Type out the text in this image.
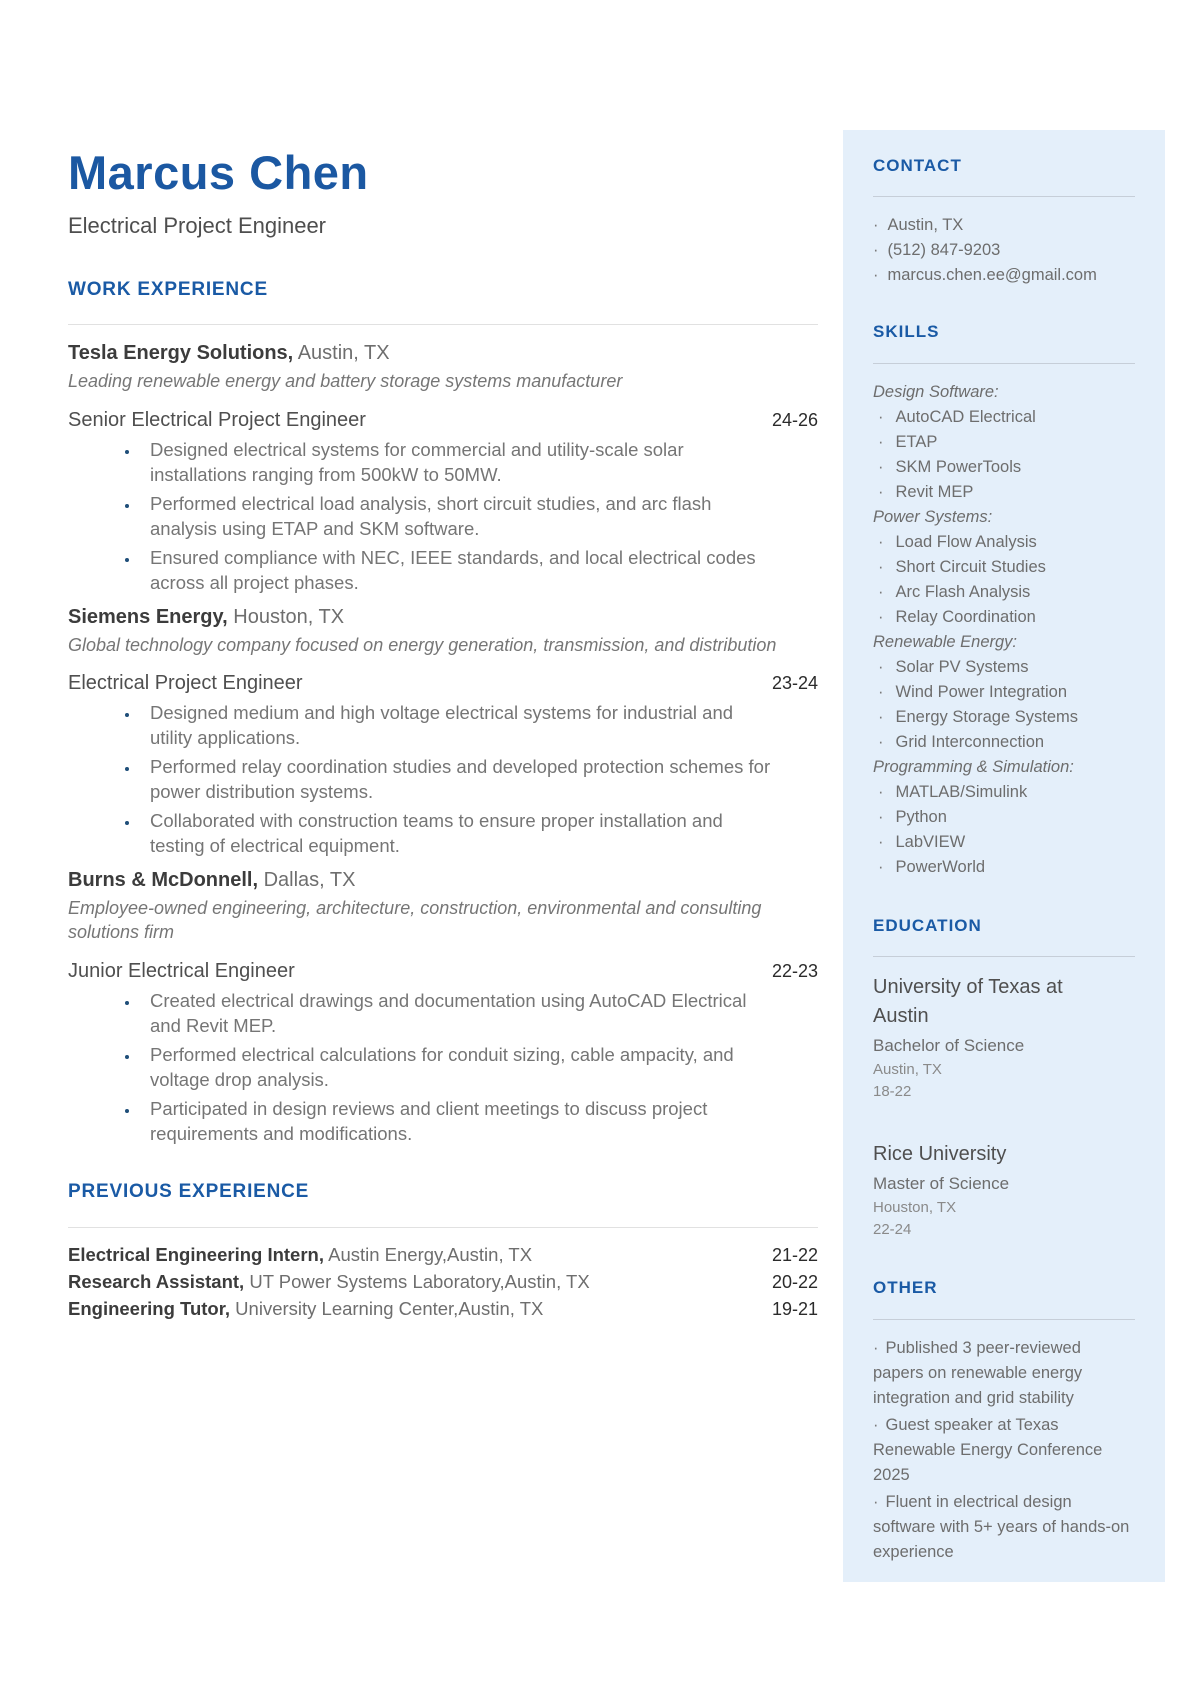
Marcus Chen
Electrical Project Engineer
WORK EXPERIENCE
Tesla Energy Solutions, Austin, TX
Leading renewable energy and battery storage systems manufacturer
Senior Electrical Project Engineer	24-26
• Designed electrical systems for commercial and utility-scale solar installations ranging from 500kW to 50MW.
• Performed electrical load analysis, short circuit studies, and arc flash analysis using ETAP and SKM software.
• Ensured compliance with NEC, IEEE standards, and local electrical codes across all project phases.
Siemens Energy, Houston, TX
Global technology company focused on energy generation, transmission, and distribution
Electrical Project Engineer	23-24
• Designed medium and high voltage electrical systems for industrial and utility applications.
• Performed relay coordination studies and developed protection schemes for power distribution systems.
• Collaborated with construction teams to ensure proper installation and testing of electrical equipment.
Burns & McDonnell, Dallas, TX
Employee-owned engineering, architecture, construction, environmental and consulting solutions firm
Junior Electrical Engineer	22-23
• Created electrical drawings and documentation using AutoCAD Electrical and Revit MEP.
• Performed electrical calculations for conduit sizing, cable ampacity, and voltage drop analysis.
• Participated in design reviews and client meetings to discuss project requirements and modifications.
PREVIOUS EXPERIENCE
Electrical Engineering Intern, Austin Energy,Austin, TX	21-22
Research Assistant, UT Power Systems Laboratory,Austin, TX	20-22
Engineering Tutor, University Learning Center,Austin, TX	19-21
CONTACT
· Austin, TX
· (512) 847-9203
· marcus.chen.ee@gmail.com
SKILLS
Design Software:
· AutoCAD Electrical
· ETAP
· SKM PowerTools
· Revit MEP
Power Systems:
· Load Flow Analysis
· Short Circuit Studies
· Arc Flash Analysis
· Relay Coordination
Renewable Energy:
· Solar PV Systems
· Wind Power Integration
· Energy Storage Systems
· Grid Interconnection
Programming & Simulation:
· MATLAB/Simulink
· Python
· LabVIEW
· PowerWorld
EDUCATION
University of Texas at Austin
Bachelor of Science
Austin, TX
18-22
Rice University
Master of Science
Houston, TX
22-24
OTHER
· Published 3 peer-reviewed papers on renewable energy integration and grid stability
· Guest speaker at Texas Renewable Energy Conference 2025
· Fluent in electrical design software with 5+ years of hands-on experience
